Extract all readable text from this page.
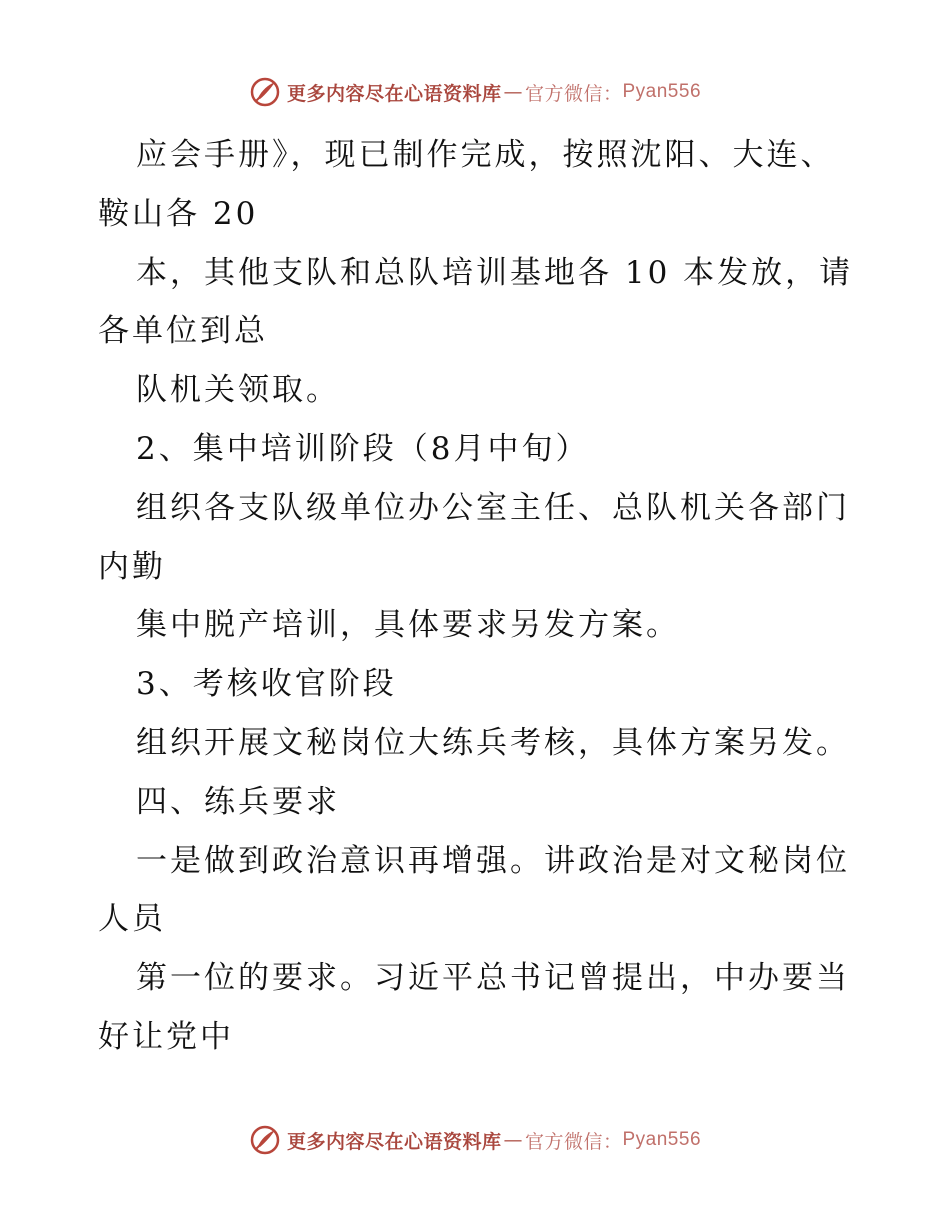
更多内容尽在心语资料库 — 官方微信： Pyan556
应会手册》，现已制作完成，按照沈阳、大连、
鞍山各 20
本，其他支队和总队培训基地各 10 本发放，请
各单位到总
队机关领取。
2、集中培训阶段（8月中旬）
组织各支队级单位办公室主任、总队机关各部门
内勤
集中脱产培训，具体要求另发方案。
3、考核收官阶段
组织开展文秘岗位大练兵考核，具体方案另发。
四、练兵要求
一是做到政治意识再增强。讲政治是对文秘岗位
人员
第一位的要求。习近平总书记曾提出，中办要当
好让党中
更多内容尽在心语资料库 — 官方微信： Pyan556
